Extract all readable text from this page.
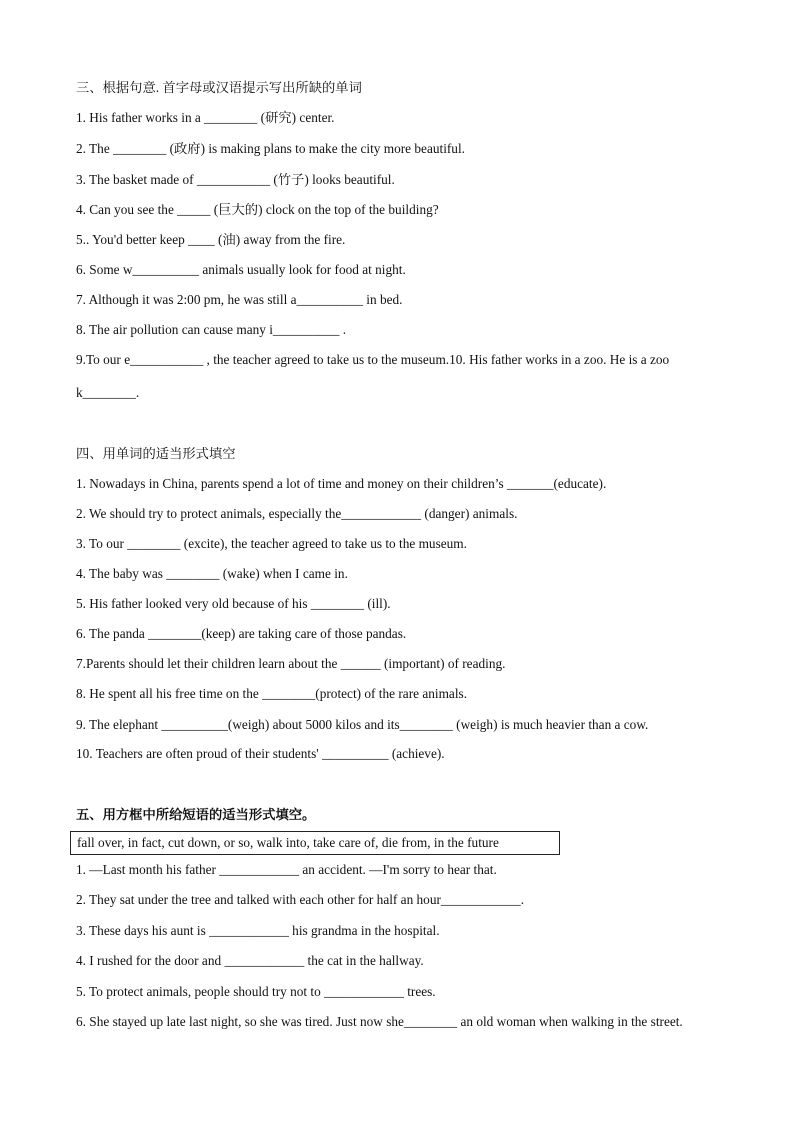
三、根据句意. 首字母或汉语提示写出所缺的单词
1. His father works in a ________ (研究) center.
2. The ________ (政府) is making plans to make the city more beautiful.
3. The basket made of ___________ (竹子) looks beautiful.
4. Can you see the _____ (巨大的) clock on the top of the building?
5.. You'd better keep ____ (油) away from the fire.
6. Some w__________ animals usually look for food at night.
7. Although it was 2:00 pm, he was still a__________ in bed.
8. The air pollution can cause many i__________ .
9.To our e___________ , the teacher agreed to take us to the museum.10. His father works in a zoo. He is a zoo
k________.
四、用单词的适当形式填空
1. Nowadays in China, parents spend a lot of time and money on their children’s _______(educate).
2. We should try to protect animals, especially the____________ (danger) animals.
3. To our ________ (excite), the teacher agreed to take us to the museum.
4. The baby was ________ (wake) when I came in.
5. His father looked very old because of his ________ (ill).
6. The panda ________(keep) are taking care of those pandas.
7.Parents should let their children learn about the ______ (important) of reading.
8. He spent all his free time on the ________(protect) of the rare animals.
9. The elephant __________(weigh) about 5000 kilos and its________ (weigh) is much heavier than a cow.
10. Teachers are often proud of their students' __________ (achieve).
五、用方框中所给短语的适当形式填空。
fall over, in fact, cut down, or so, walk into, take care of, die from, in the future
1. —Last month his father ____________ an accident. —I'm sorry to hear that.
2. They sat under the tree and talked with each other for half an hour____________.
3. These days his aunt is ____________ his grandma in the hospital.
4. I rushed for the door and ____________ the cat in the hallway.
5. To protect animals, people should try not to ____________ trees.
6. She stayed up late last night, so she was tired. Just now she________ an old woman when walking in the street.
